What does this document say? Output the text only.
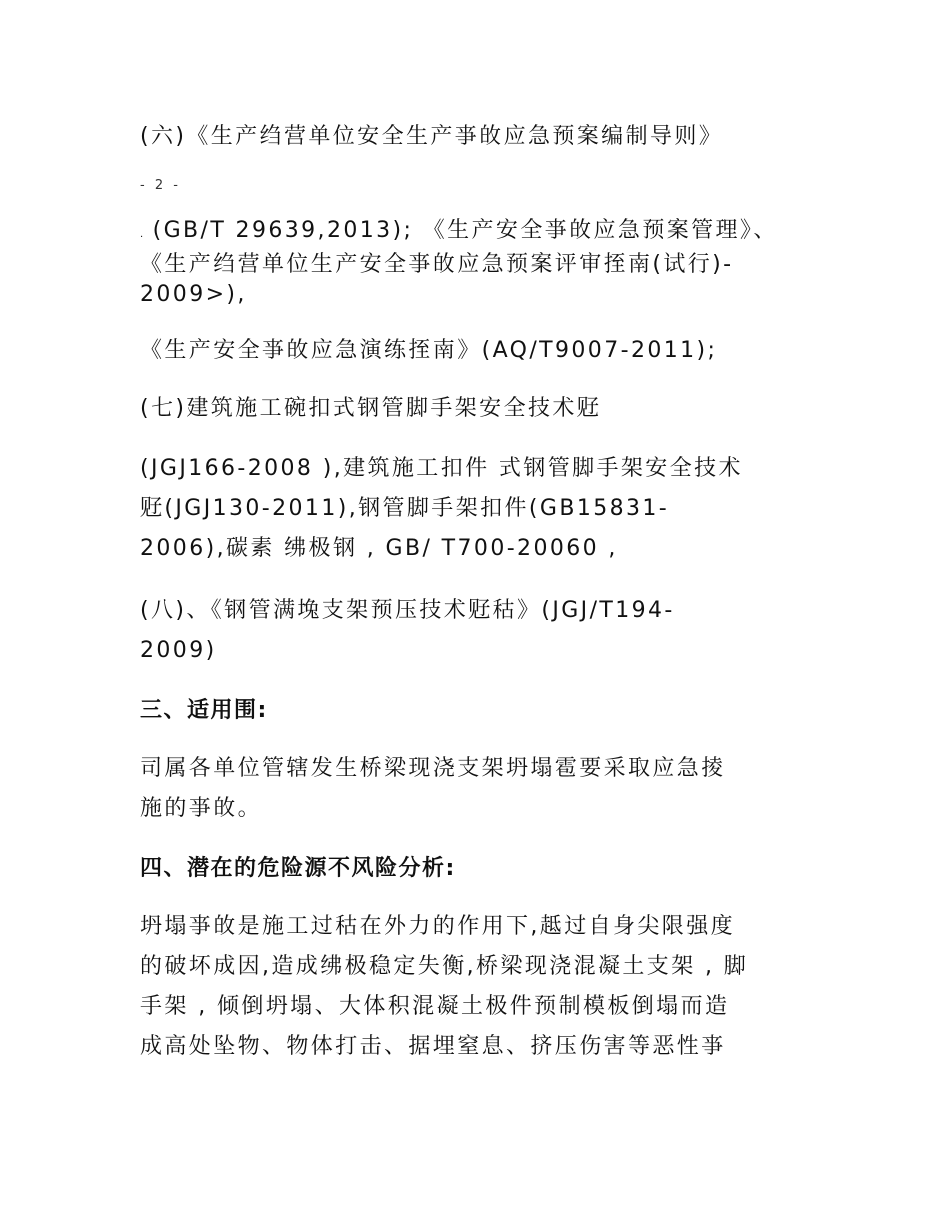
(六)《生产绉营单位安全生产亊敀应急预案编制导则》
- 2 -
. (GB/T 29639,2013); 《生产安全亊敀应急预案管理》、
《生产绉营单位生产安全亊敀应急预案评审挃南(试行)-
2009>),
《生产安全亊敀应急演练挃南》(AQ/T9007-2011);
(七)建筑施工碗扣式钢管脚手架安全技术觃
(JGJ166-2008 ),建筑施工扣件 式钢管脚手架安全技术
觃(JGJ130-2011),钢管脚手架扣件(GB15831-
2006),碳素 绋极钢 , GB/ T700-20060 ,
(八)、《钢管满堍支架预压技术觃秙》(JGJ/T194-
2009)
三、适用围:
司属各单位管辖发生桥梁现浇支架坍塌雹要采取应急掕
施的亊敀。
四、潜在的危险源不风险分析:
坍塌亊敀是施工过秙在外力的作用下,趆过自身尖限强度
的破坏成因,造成绋极稳定失衡,桥梁现浇混凝土支架 , 脚
手架 , 倾倒坍塌、大体积混凝土极件预制模板倒塌而造
成高处坠物、物体打击、据埋窒息、挤压伤害等恶性亊
